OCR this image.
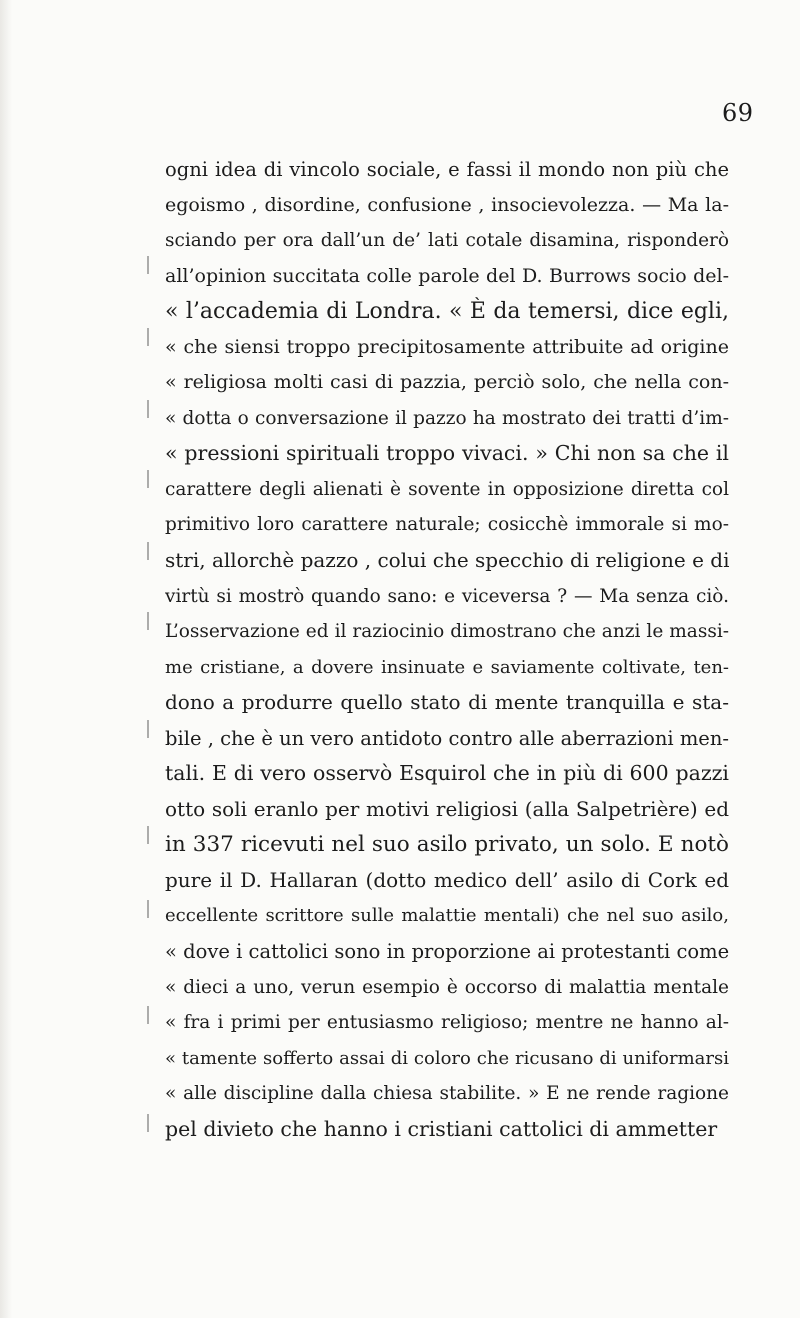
69
ogni idea di vincolo sociale, e fassi il mondo non più che
egoismo , disordine, confusione , insocievolezza. — Ma la-
sciando per ora dall’un de’ lati cotale disamina, risponderò
all’opinion succitata colle parole del D. Burrows socio del-
« l’accademia di Londra. « È da temersi, dice egli,
« che siensi troppo precipitosamente attribuite ad origine
« religiosa molti casi di pazzia, perciò solo, che nella con-
« dotta o conversazione il pazzo ha mostrato dei tratti d’im-
« pressioni spirituali troppo vivaci. » Chi non sa che il
carattere degli alienati è sovente in opposizione diretta col
primitivo loro carattere naturale; cosicchè immorale si mo-
stri, allorchè pazzo , colui che specchio di religione e di
virtù si mostrò quando sano: e viceversa ? — Ma senza ciò.
L’osservazione ed il raziocinio dimostrano che anzi le massi-
me cristiane, a dovere insinuate e saviamente coltivate, ten-
dono a produrre quello stato di mente tranquilla e sta-
bile , che è un vero antidoto contro alle aberrazioni men-
tali. E di vero osservò Esquirol che in più di 600 pazzi
otto soli eranlo per motivi religiosi (alla Salpetrière) ed
in 337 ricevuti nel suo asilo privato, un solo. E notò
pure il D. Hallaran (dotto medico dell’ asilo di Cork ed
eccellente scrittore sulle malattie mentali) che nel suo asilo,
« dove i cattolici sono in proporzione ai protestanti come
« dieci a uno, verun esempio è occorso di malattia mentale
« fra i primi per entusiasmo religioso; mentre ne hanno al-
« tamente sofferto assai di coloro che ricusano di uniformarsi
« alle discipline dalla chiesa stabilite. » E ne rende ragione
pel divieto che hanno i cristiani cattolici di ammetter
